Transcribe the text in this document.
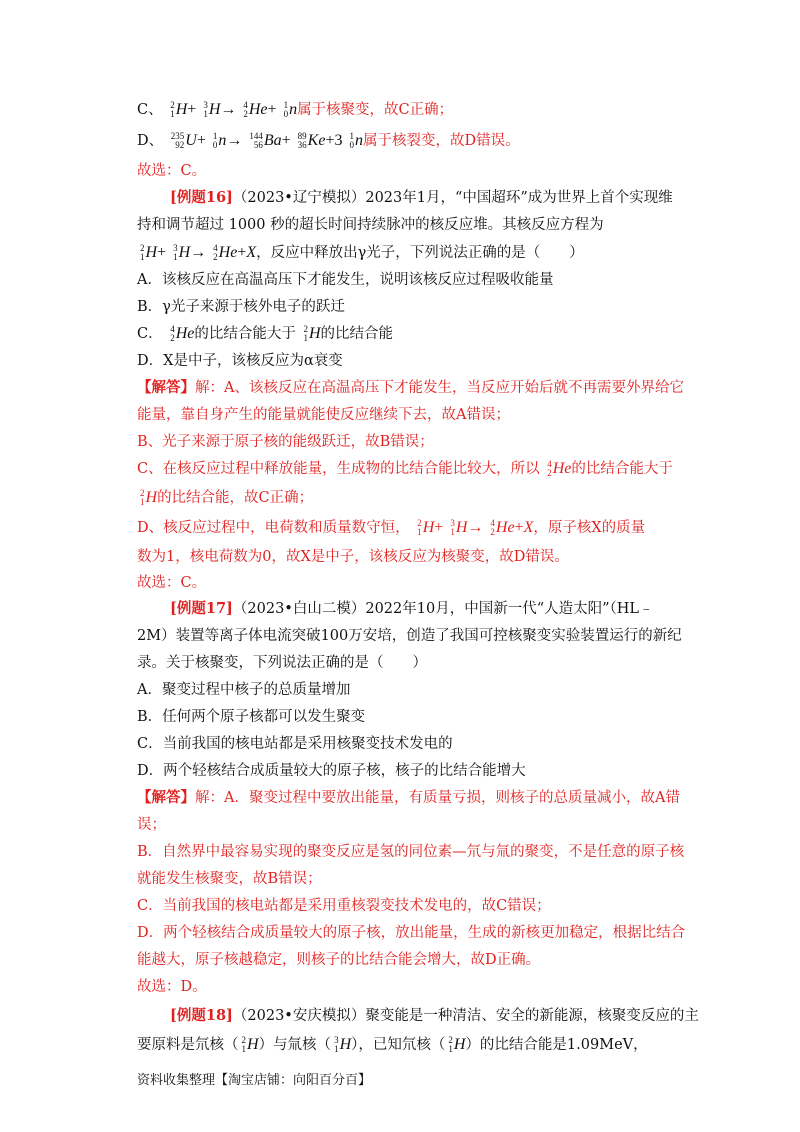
C、 2
1 H+ 3
1 H→ 4
2 He+ 1
0 n属于核聚变，故C正确；
D、 235
92 U+ 1
0 n→ 144
56 Ba+ 89
36 Ke+3 1
0 n属于核裂变，故D错误。
故选：C。
[例题16]（2023•辽宁模拟）2023年1月，“中国超环”成为世界上首个实现维
持和调节超过 1000 秒的超长时间持续脉冲的核反应堆。其核反应方程为
2
1 H+ 3
1 H→ 4
2 He+X，反应中释放出γ光子，下列说法正确的是（　　）
A．该核反应在高温高压下才能发生，说明该核反应过程吸收能量
B．γ光子来源于核外电子的跃迁
C． 4
2 He的比结合能大于 2
1 H的比结合能
D．X是中子，该核反应为α衰变
【解答】解：A、该核反应在高温高压下才能发生，当反应开始后就不再需要外界给它
能量，靠自身产生的能量就能使反应继续下去，故A错误；
B、光子来源于原子核的能级跃迁，故B错误；
C、在核反应过程中释放能量，生成物的比结合能比较大，所以 4
2 He的比结合能大于
2
1 H的比结合能，故C正确；
D、核反应过程中，电荷数和质量数守恒， 2
1 H+ 3
1 H→ 4
2 He+X，原子核X的质量
数为1，核电荷数为0，故X是中子，该核反应为核聚变，故D错误。
故选：C。
[例题17]（2023•白山二模）2022年10月，中国新一代“人造太阳”（HL﹣
2M）装置等离子体电流突破100万安培，创造了我国可控核聚变实验装置运行的新纪
录。关于核聚变，下列说法正确的是（　　）
A．聚变过程中核子的总质量增加
B．任何两个原子核都可以发生聚变
C．当前我国的核电站都是采用核聚变技术发电的
D．两个轻核结合成质量较大的原子核，核子的比结合能增大
【解答】解：A．聚变过程中要放出能量，有质量亏损，则核子的总质量减小，故A错
误；
B．自然界中最容易实现的聚变反应是氢的同位素—氘与氚的聚变，不是任意的原子核
就能发生核聚变，故B错误；
C．当前我国的核电站都是采用重核裂变技术发电的，故C错误；
D．两个轻核结合成质量较大的原子核，放出能量，生成的新核更加稳定，根据比结合
能越大，原子核越稳定，则核子的比结合能会增大，故D正确。
故选：D。
[例题18]（2023•安庆模拟）聚变能是一种清洁、安全的新能源，核聚变反应的主
要原料是氘核（ 2
1 H）与氚核（ 3
1 H），已知氘核（ 2
1 H）的比结合能是1.09MeV，
资料收集整理【淘宝店铺：向阳百分百】
